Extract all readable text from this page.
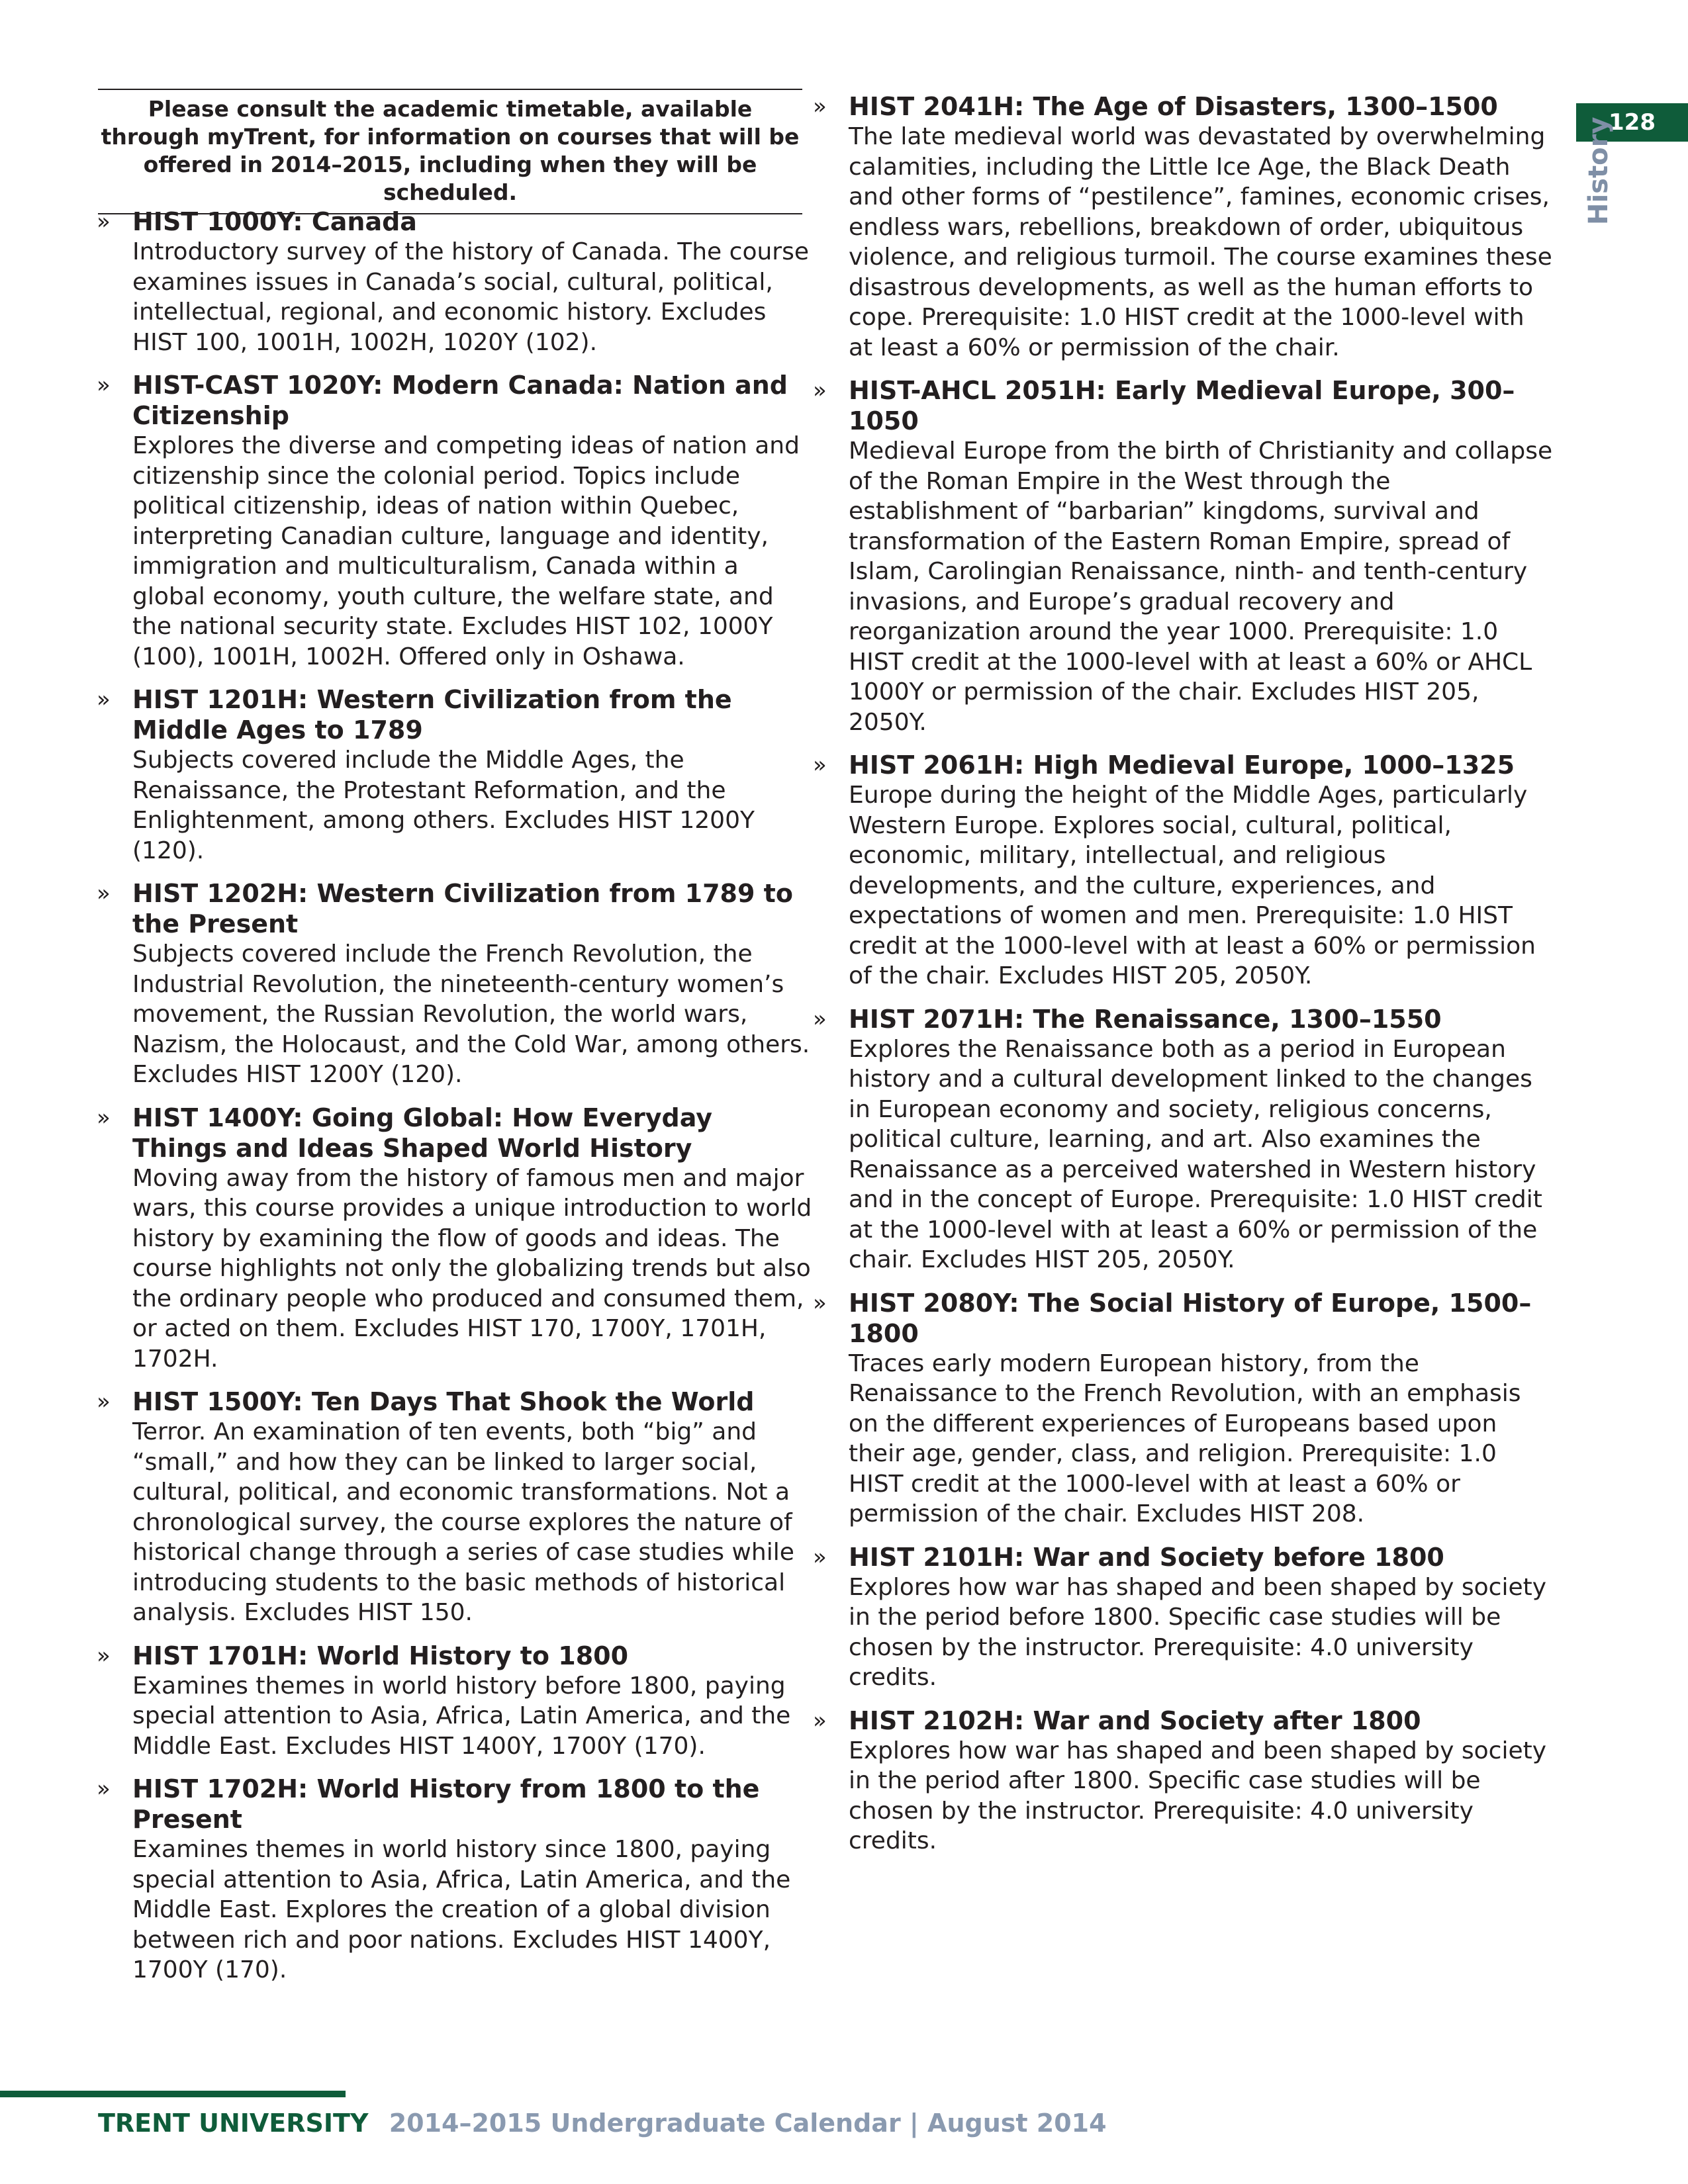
Please consult the academic timetable, available through myTrent, for information on courses that will be offered in 2014–2015, including when they will be scheduled.
» HIST 1000Y: Canada
Introductory survey of the history of Canada. The course examines issues in Canada’s social, cultural, political, intellectual, regional, and economic history. Excludes HIST 100, 1001H, 1002H, 1020Y (102).
» HIST-CAST 1020Y: Modern Canada: Nation and Citizenship
Explores the diverse and competing ideas of nation and citizenship since the colonial period. Topics include political citizenship, ideas of nation within Quebec, interpreting Canadian culture, language and identity, immigration and multiculturalism, Canada within a global economy, youth culture, the welfare state, and the national security state. Excludes HIST 102, 1000Y (100), 1001H, 1002H. Offered only in Oshawa.
» HIST 1201H: Western Civilization from the Middle Ages to 1789
Subjects covered include the Middle Ages, the Renaissance, the Protestant Reformation, and the Enlightenment, among others. Excludes HIST 1200Y (120).
» HIST 1202H: Western Civilization from 1789 to the Present
Subjects covered include the French Revolution, the Industrial Revolution, the nineteenth-century women’s movement, the Russian Revolution, the world wars, Nazism, the Holocaust, and the Cold War, among others. Excludes HIST 1200Y (120).
» HIST 1400Y: Going Global: How Everyday Things and Ideas Shaped World History
Moving away from the history of famous men and major wars, this course provides a unique introduction to world history by examining the flow of goods and ideas. The course highlights not only the globalizing trends but also the ordinary people who produced and consumed them, or acted on them. Excludes HIST 170, 1700Y, 1701H, 1702H.
» HIST 1500Y: Ten Days That Shook the World
Terror. An examination of ten events, both “big” and “small,” and how they can be linked to larger social, cultural, political, and economic transformations. Not a chronological survey, the course explores the nature of historical change through a series of case studies while introducing students to the basic methods of historical analysis. Excludes HIST 150.
» HIST 1701H: World History to 1800
Examines themes in world history before 1800, paying special attention to Asia, Africa, Latin America, and the Middle East. Excludes HIST 1400Y, 1700Y (170).
» HIST 1702H: World History from 1800 to the Present
Examines themes in world history since 1800, paying special attention to Asia, Africa, Latin America, and the Middle East. Explores the creation of a global division between rich and poor nations. Excludes HIST 1400Y, 1700Y (170).
» HIST 2041H: The Age of Disasters, 1300–1500
The late medieval world was devastated by overwhelming calamities, including the Little Ice Age, the Black Death and other forms of “pestilence”, famines, economic crises, endless wars, rebellions, breakdown of order, ubiquitous violence, and religious turmoil. The course examines these disastrous developments, as well as the human efforts to cope. Prerequisite: 1.0 HIST credit at the 1000-level with at least a 60% or permission of the chair.
» HIST-AHCL 2051H: Early Medieval Europe, 300–1050
Medieval Europe from the birth of Christianity and collapse of the Roman Empire in the West through the establishment of “barbarian” kingdoms, survival and transformation of the Eastern Roman Empire, spread of Islam, Carolingian Renaissance, ninth- and tenth-century invasions, and Europe’s gradual recovery and reorganization around the year 1000. Prerequisite: 1.0 HIST credit at the 1000-level with at least a 60% or AHCL 1000Y or permission of the chair. Excludes HIST 205, 2050Y.
» HIST 2061H: High Medieval Europe, 1000–1325
Europe during the height of the Middle Ages, particularly Western Europe. Explores social, cultural, political, economic, military, intellectual, and religious developments, and the culture, experiences, and expectations of women and men. Prerequisite: 1.0 HIST credit at the 1000-level with at least a 60% or permission of the chair. Excludes HIST 205, 2050Y.
» HIST 2071H: The Renaissance, 1300–1550
Explores the Renaissance both as a period in European history and a cultural development linked to the changes in European economy and society, religious concerns, political culture, learning, and art. Also examines the Renaissance as a perceived watershed in Western history and in the concept of Europe. Prerequisite: 1.0 HIST credit at the 1000-level with at least a 60% or permission of the chair. Excludes HIST 205, 2050Y.
» HIST 2080Y: The Social History of Europe, 1500–1800
Traces early modern European history, from the Renaissance to the French Revolution, with an emphasis on the different experiences of Europeans based upon their age, gender, class, and religion. Prerequisite: 1.0 HIST credit at the 1000-level with at least a 60% or permission of the chair. Excludes HIST 208.
» HIST 2101H: War and Society before 1800
Explores how war has shaped and been shaped by society in the period before 1800. Specific case studies will be chosen by the instructor. Prerequisite: 4.0 university credits.
» HIST 2102H: War and Society after 1800
Explores how war has shaped and been shaped by society in the period after 1800. Specific case studies will be chosen by the instructor. Prerequisite: 4.0 university credits.
128
History
TRENT UNIVERSITY 2014–2015 Undergraduate Calendar | August 2014
